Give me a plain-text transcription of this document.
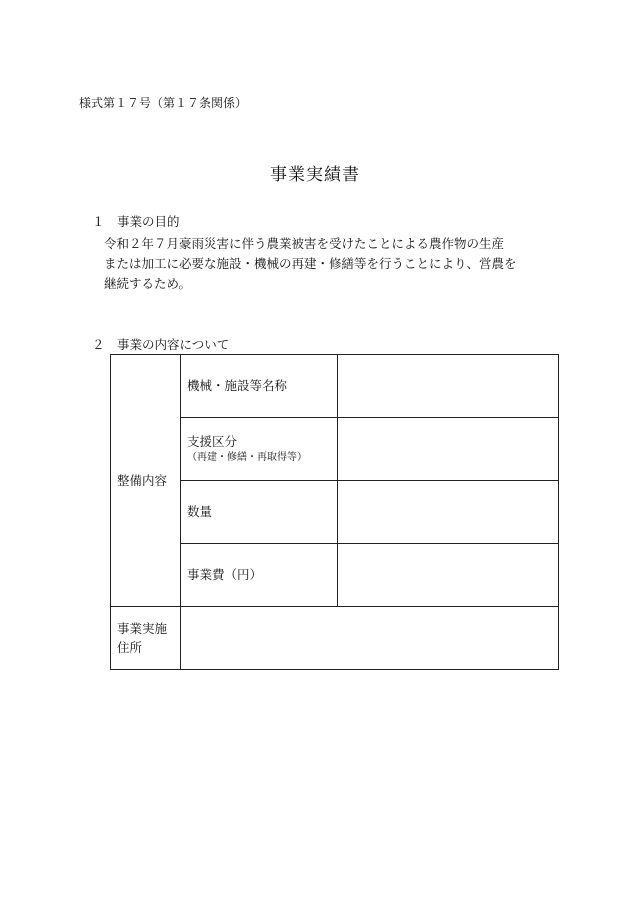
様式第１７号（第１７条関係）
事業実績書
１　事業の目的
令和２年７月豪雨災害に伴う農業被害を受けたことによる農作物の生産
または加工に必要な施設・機械の再建・修繕等を行うことにより、営農を
継続するため。
２　事業の内容について
整備内容	機械・施設等名称	

	支援区分
（再建・修繕・再取得等）	

	数量	

	事業費（円）	

事業実施
住所		
